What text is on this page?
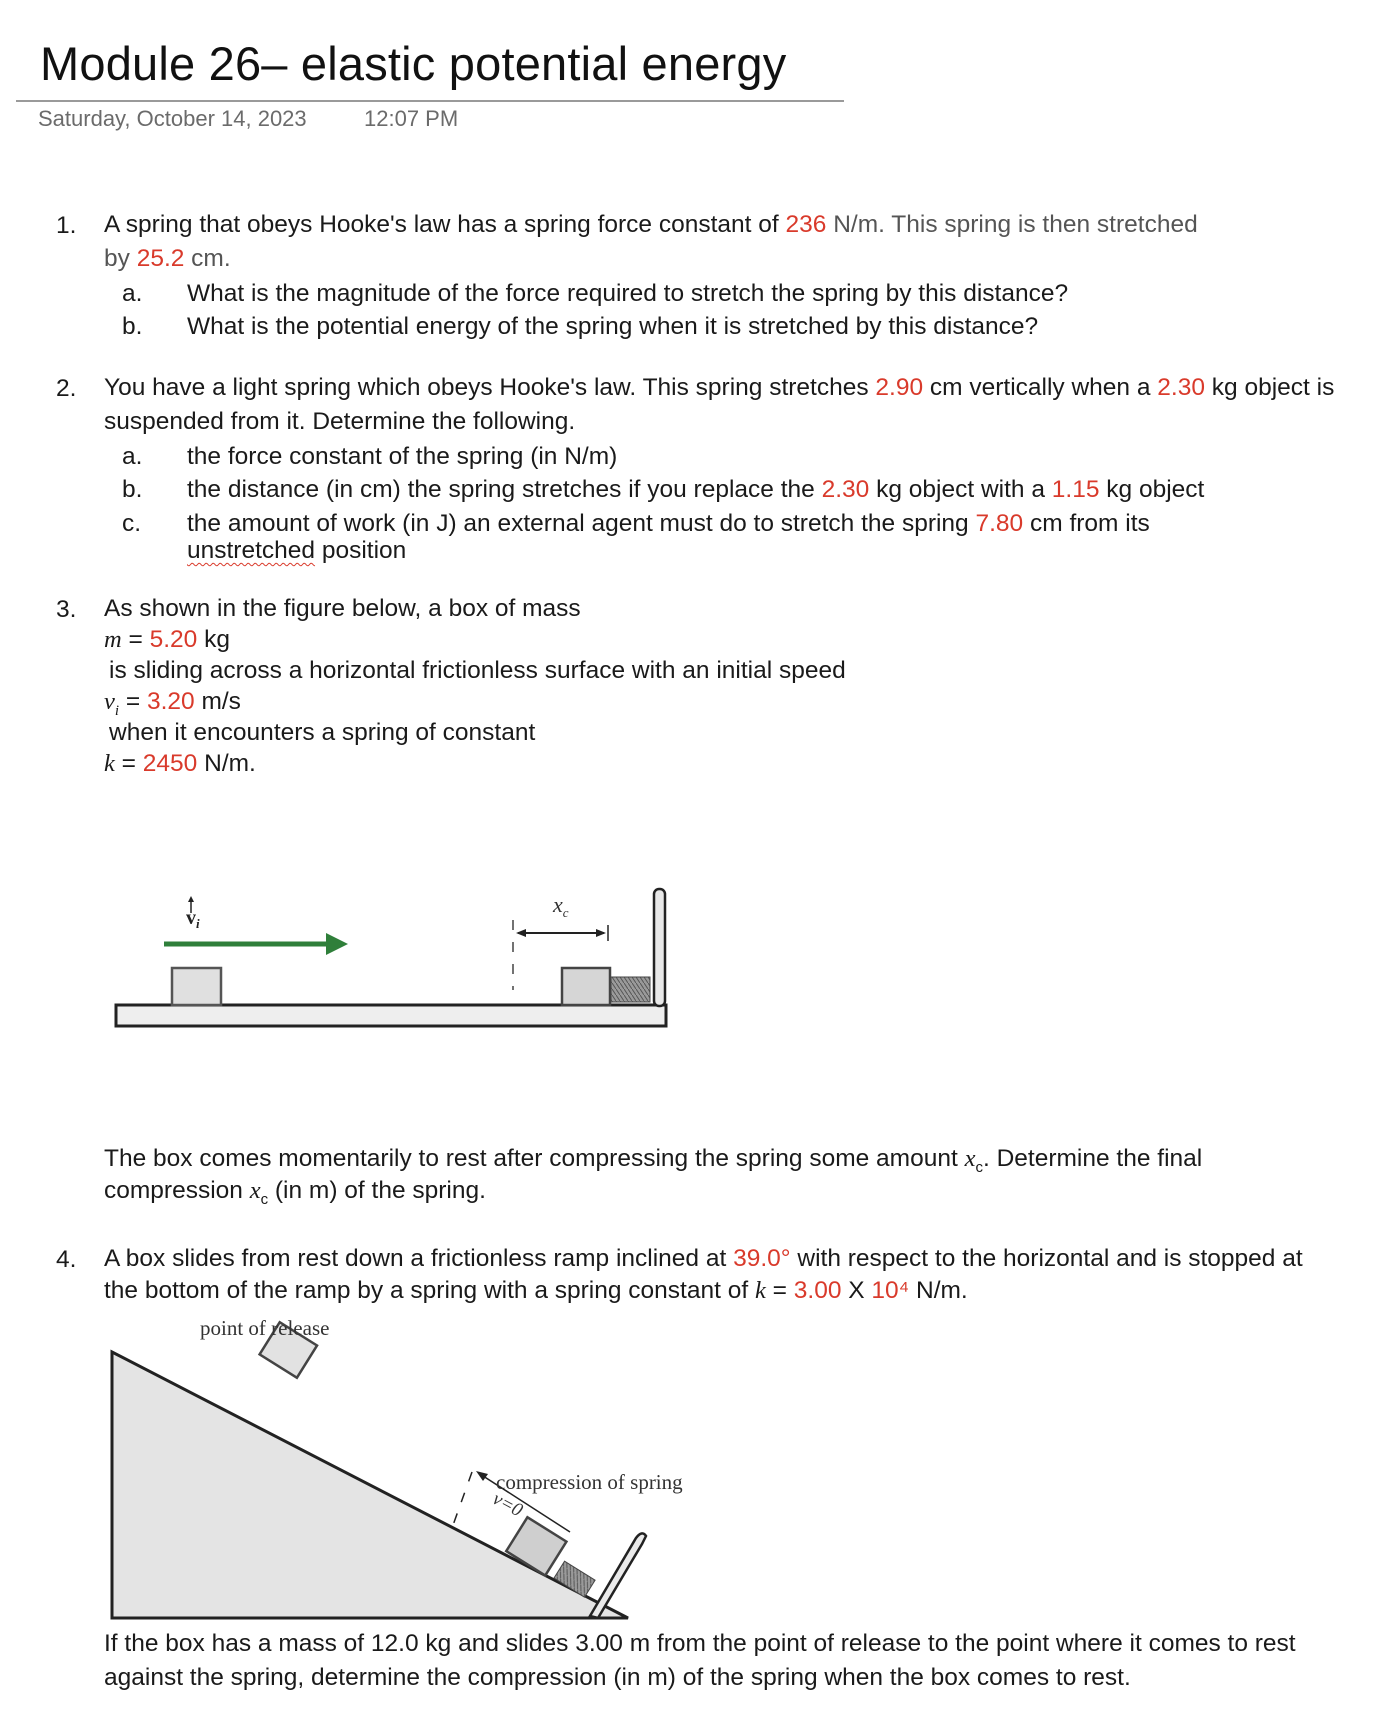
Module 26– elastic potential energy
Saturday, October 14, 2023	12:07 PM
1. A spring that obeys Hooke's law has a spring force constant of 236 N/m. This spring is then stretched
by 25.2 cm.
a. What is the magnitude of the force required to stretch the spring by this distance?
b. What is the potential energy of the spring when it is stretched by this distance?
2. You have a light spring which obeys Hooke's law. This spring stretches 2.90 cm vertically when a 2.30 kg object is
suspended from it. Determine the following.
a. the force constant of the spring (in N/m)
b. the distance (in cm) the spring stretches if you replace the 2.30 kg object with a 1.15 kg object
c. the amount of work (in J) an external agent must do to stretch the spring 7.80 cm from its
unstretched position
3. As shown in the figure below, a box of mass
m = 5.20 kg
is sliding across a horizontal frictionless surface with an initial speed
$v_i = 3.20$ m/s
when it encounters a spring of constant
k = 2450 N/m.
$v_i$
$x_c$
The box comes momentarily to rest after compressing the spring some amount $x_c$. Determine the final
compression $x_c$ (in m) of the spring.
4. A box slides from rest down a frictionless ramp inclined at 39.0° with respect to the horizontal and is stopped at
the bottom of the ramp by a spring with a spring constant of k = 3.00 X 10⁴ N/m.
point of release
compression of spring
v=0
If the box has a mass of 12.0 kg and slides 3.00 m from the point of release to the point where it comes to rest
against the spring, determine the compression (in m) of the spring when the box comes to rest.
